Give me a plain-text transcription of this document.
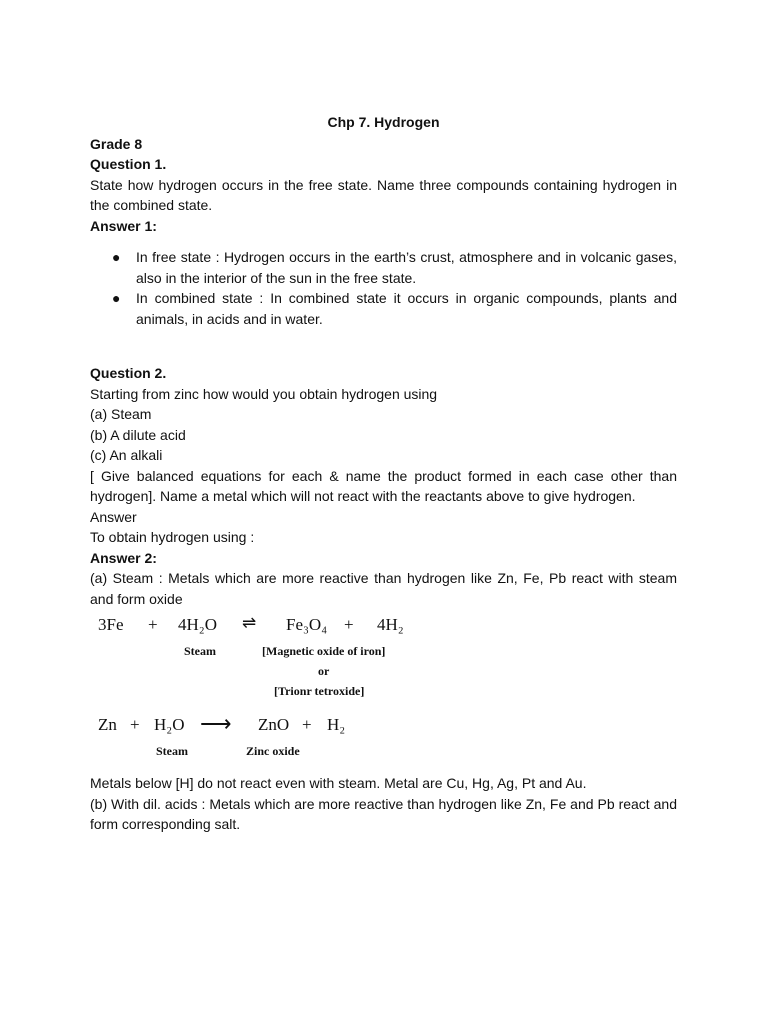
Chp 7. Hydrogen

Grade 8

Question 1.

State how hydrogen occurs in the free state. Name three compounds containing hydrogen in the combined state.

Answer 1:

● In free state : Hydrogen occurs in the earth’s crust, atmosphere and in volcanic gases, also in the interior of the sun in the free state.
● In combined state : In combined state it occurs in organic compounds, plants and animals, in acids and in water.

Question 2.

Starting from zinc how would you obtain hydrogen using

(a) Steam

(b) A dilute acid

(c) An alkali

[ Give balanced equations for each & name the product formed in each case other than hydrogen]. Name a metal which will not react with the reactants above to give hydrogen.

Answer

To obtain hydrogen using :

Answer 2:

(a) Steam : Metals which are more reactive than hydrogen like Zn, Fe, Pb react with steam and form oxide

3Fe + 4H₂O ⇌ Fe₃O₄ + 4H₂
Steam	[Magnetic oxide of iron]
or
[Trionr tetroxide]
Zn + H₂O ⟶ ZnO + H₂
Steam	Zinc oxide

Metals below [H] do not react even with steam. Metal are Cu, Hg, Ag, Pt and Au.

(b) With dil. acids : Metals which are more reactive than hydrogen like Zn, Fe and Pb react and form corresponding salt.
